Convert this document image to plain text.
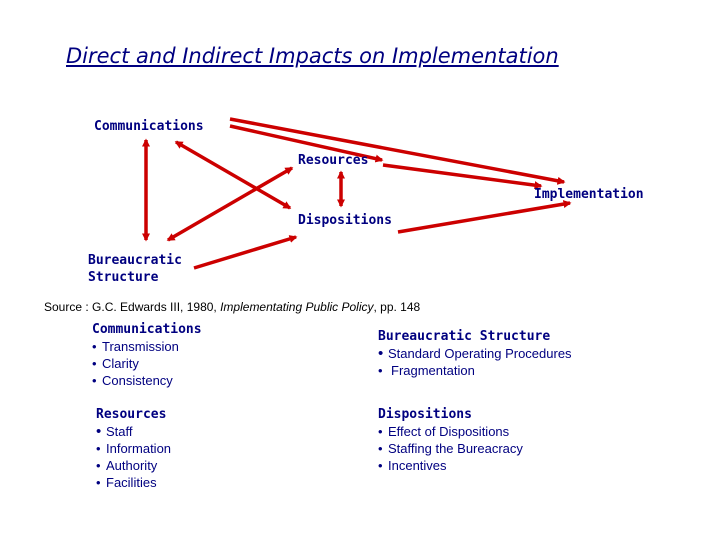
Direct and Indirect Impacts on Implementation
Communications
Resources
Implementation
Dispositions
Bureaucratic
Structure
Source : G.C. Edwards III, 1980, Implementating Public Policy, pp. 148
Communications
• Transmission
• Clarity
• Consistency
Bureaucratic Structure
• Standard Operating Procedures
• Fragmentation
Resources
• Staff
• Information
• Authority
• Facilities
Dispositions
• Effect of Dispositions
• Staffing the Bureacracy
• Incentives
